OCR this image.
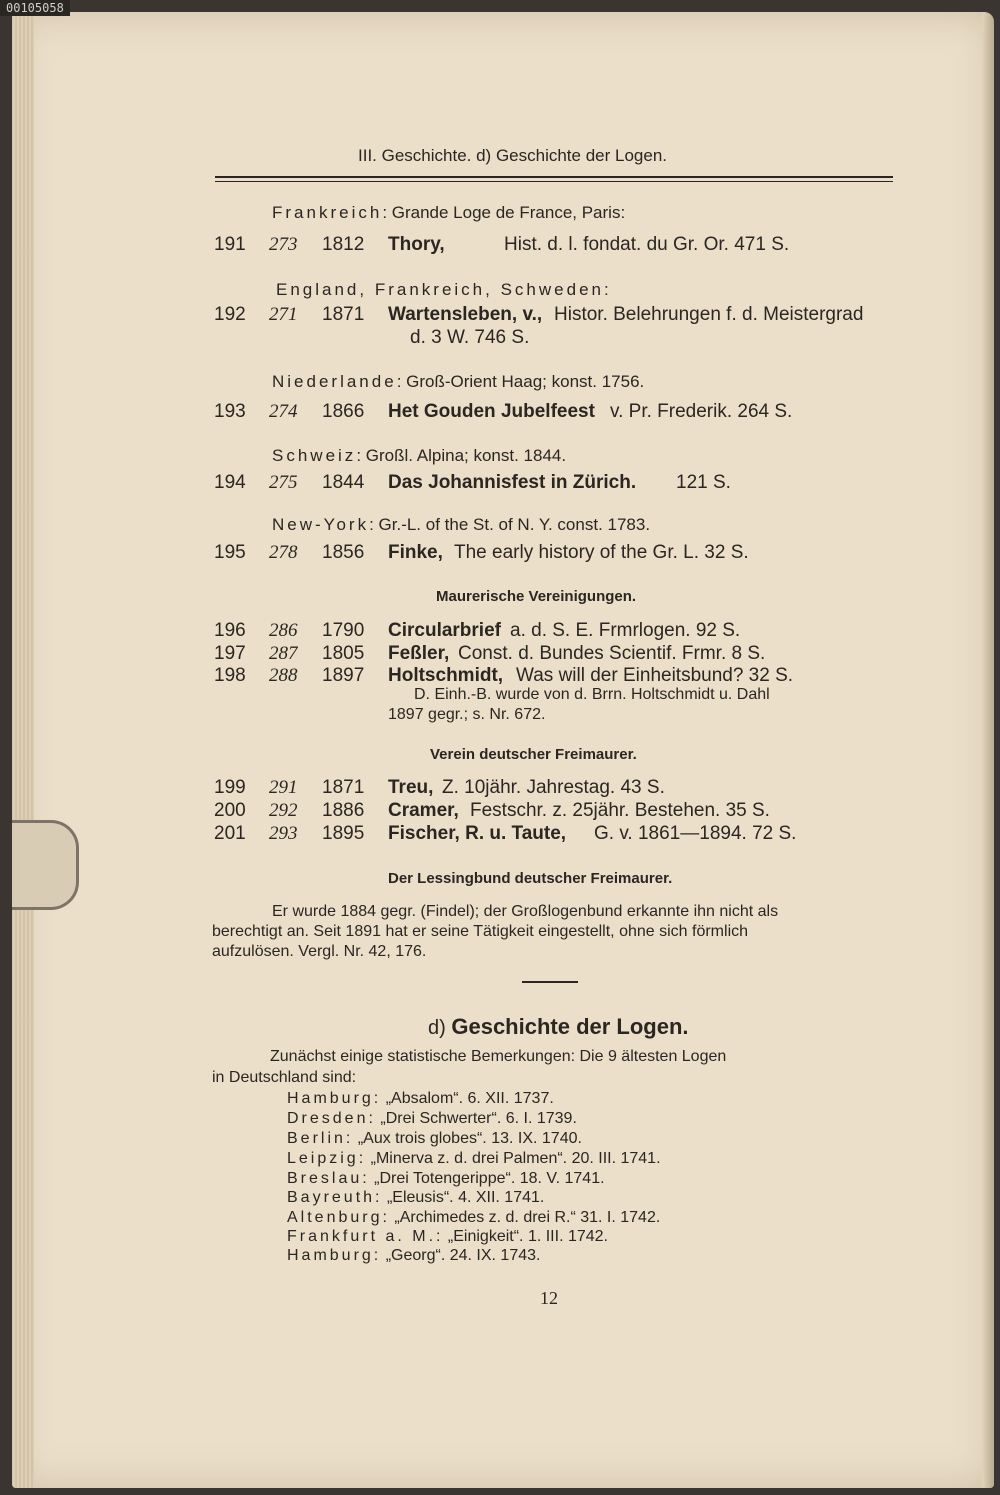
00105058
III. Geschichte. d) Geschichte der Logen.
Frankreich: Grande Loge de France, Paris:
191 273 1812 Thory,	Hist. d. l. fondat. du Gr. Or. 471 S.
England, Frankreich, Schweden:
192 271 1871 Wartensleben, v., Histor. Belehrungen f. d. Meistergrad
d. 3 W. 746 S.
Niederlande: Groß-Orient Haag; konst. 1756.
193 274 1866 Het Gouden Jubelfeest v. Pr. Frederik. 264 S.
Schweiz: Großl. Alpina; konst. 1844.
194 275 1844 Das Johannisfest in Zürich. 121 S.
New-York: Gr.-L. of the St. of N. Y. const. 1783.
195 278 1856 Finke, The early history of the Gr. L. 32 S.
Maurerische Vereinigungen.
196 286 1790 Circularbrief a. d. S. E. Frmrlogen. 92 S.
197 287 1805 Feßler, Const. d. Bundes Scientif. Frmr. 8 S.
198 288 1897 Holtschmidt, Was will der Einheitsbund? 32 S.
D. Einh.-B. wurde von d. Brrn. Holtschmidt u. Dahl
1897 gegr.; s. Nr. 672.
Verein deutscher Freimaurer.
199 291 1871 Treu, Z. 10jähr. Jahrestag. 43 S.
200 292 1886 Cramer, Festschr. z. 25jähr. Bestehen. 35 S.
201 293 1895 Fischer, R. u. Taute, G. v. 1861—1894. 72 S.
Der Lessingbund deutscher Freimaurer.
Er wurde 1884 gegr. (Findel); der Großlogenbund erkannte ihn nicht als
berechtigt an. Seit 1891 hat er seine Tätigkeit eingestellt, ohne sich förmlich
aufzulösen. Vergl. Nr. 42, 176.
d) Geschichte der Logen.
Zunächst einige statistische Bemerkungen: Die 9 ältesten Logen
in Deutschland sind:
Hamburg: „Absalom“. 6. XII. 1737.
Dresden: „Drei Schwerter“. 6. I. 1739.
Berlin: „Aux trois globes“. 13. IX. 1740.
Leipzig: „Minerva z. d. drei Palmen“. 20. III. 1741.
Breslau: „Drei Totengerippe“. 18. V. 1741.
Bayreuth: „Eleusis“. 4. XII. 1741.
Altenburg: „Archimedes z. d. drei R.“ 31. I. 1742.
Frankfurt a. M.: „Einigkeit“. 1. III. 1742.
Hamburg: „Georg“. 24. IX. 1743.
12
